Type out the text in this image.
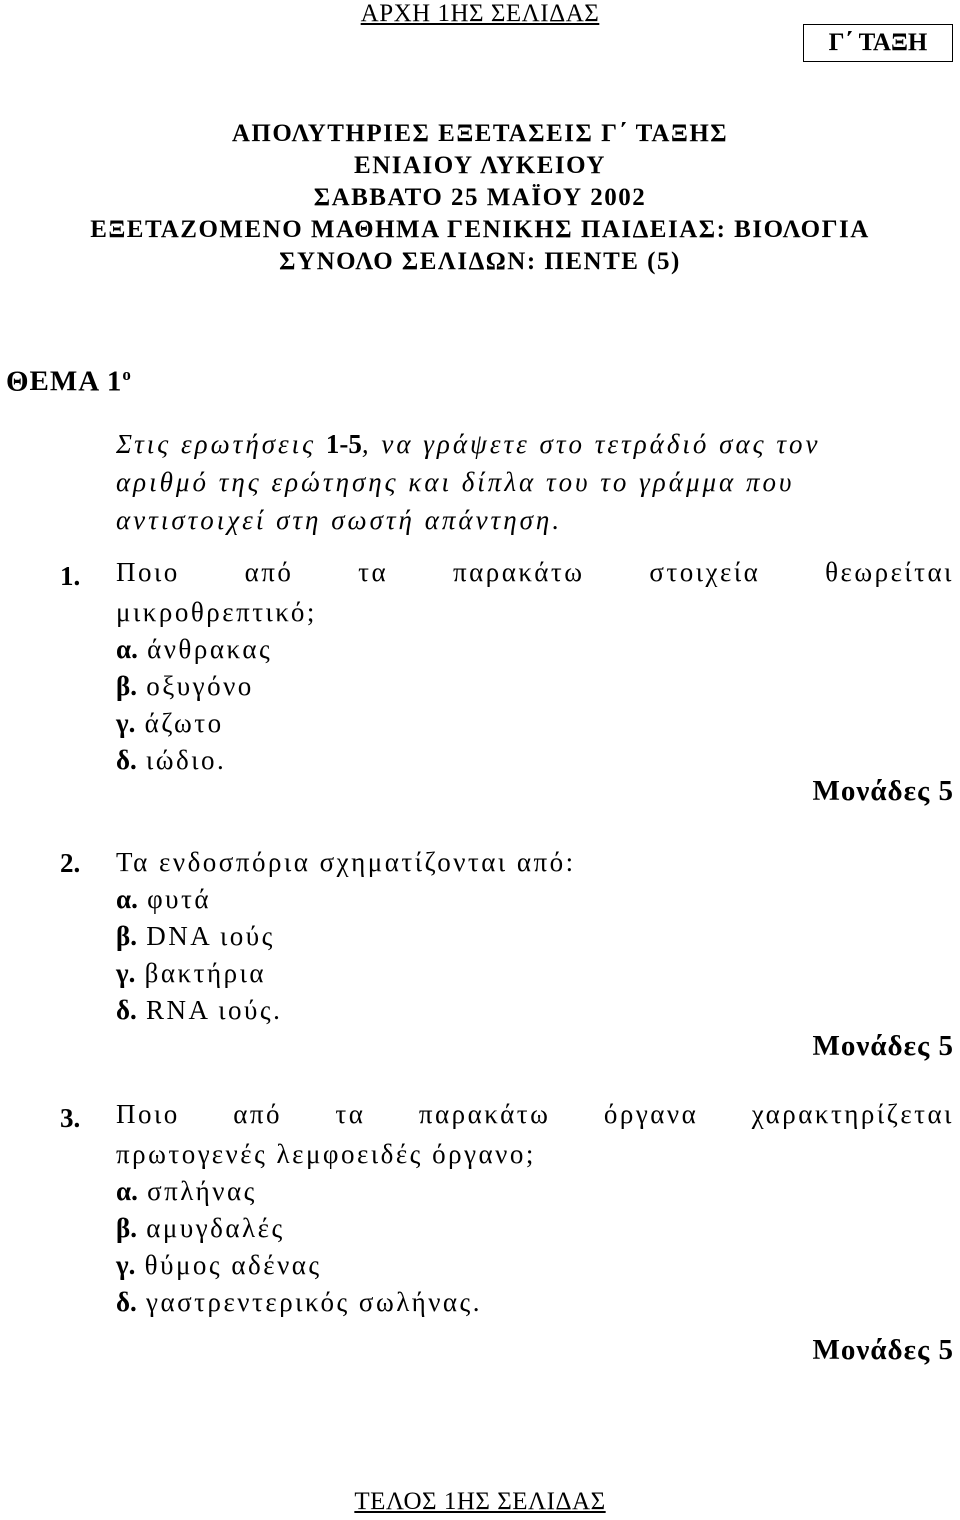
ΑΡΧΗ 1ΗΣ ΣΕΛΙΔΑΣ
Γ΄ ΤΑΞΗ
ΑΠΟΛΥΤΗΡΙΕΣ ΕΞΕΤΑΣΕΙΣ Γ΄ ΤΑΞΗΣ
ΕΝΙΑΙΟΥ ΛΥΚΕΙΟΥ
ΣΑΒΒΑΤΟ 25 ΜΑΪΟΥ 2002
ΕΞΕΤΑΖΟΜΕΝΟ ΜΑΘΗΜΑ ΓΕΝΙΚΗΣ ΠΑΙΔΕΙΑΣ: ΒΙΟΛΟΓΙΑ
ΣΥΝΟΛΟ ΣΕΛΙΔΩΝ: ΠΕΝΤΕ (5)
ΘΕΜΑ $1^o$
Στις ερωτήσεις 1-5, να γράψετε στο τετράδιό σας τον
αριθμό της ερώτησης και δίπλα του το γράμμα που
αντιστοιχεί στη σωστή απάντηση.
1. Ποιο από τα παρακάτω στοιχεία θεωρείται
μικροθρεπτικό;
α. άνθρακας
β. οξυγόνο
γ. άζωτο
δ. ιώδιο.
Μονάδες 5
2. Τα ενδοσπόρια σχηματίζονται από:
α. φυτά
β. DNA ιούς
γ. βακτήρια
δ. RNA ιούς.
Μονάδες 5
3. Ποιο από τα παρακάτω όργανα χαρακτηρίζεται
πρωτογενές λεμφοειδές όργανο;
α. σπλήνας
β. αμυγδαλές
γ. θύμος αδένας
δ. γαστρεντερικός σωλήνας.
Μονάδες 5
ΤΕΛΟΣ 1ΗΣ ΣΕΛΙΔΑΣ
